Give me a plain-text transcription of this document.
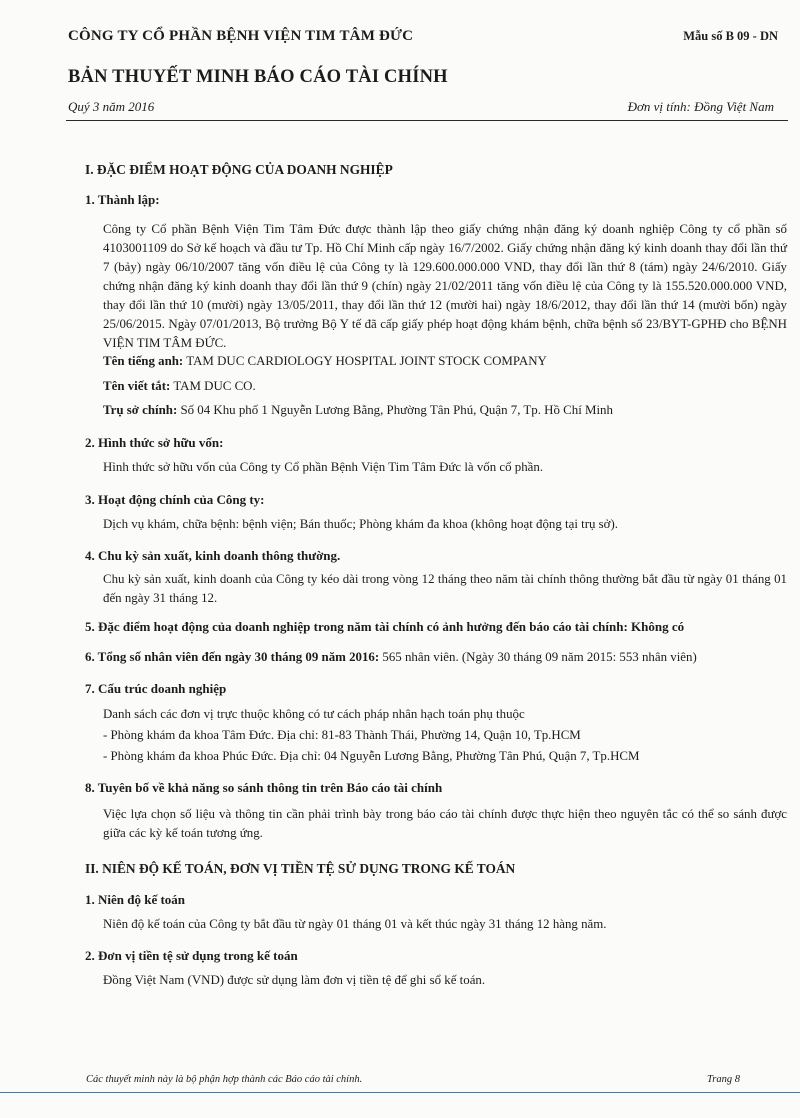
CÔNG TY CỔ PHẦN BỆNH VIỆN TIM TÂM ĐỨC	Mẫu số B 09 - DN
BẢN THUYẾT MINH BÁO CÁO TÀI CHÍNH
Quý 3 năm 2016	Đơn vị tính: Đồng Việt Nam
I. ĐẶC ĐIỂM HOẠT ĐỘNG CỦA DOANH NGHIỆP
1. Thành lập:
Công ty Cổ phần Bệnh Viện Tim Tâm Đức được thành lập theo giấy chứng nhận đăng ký doanh nghiệp Công ty cổ phần số 4103001109 do Sở kế hoạch và đầu tư Tp. Hồ Chí Minh cấp ngày 16/7/2002. Giấy chứng nhận đăng ký kinh doanh thay đổi lần thứ 7 (bảy) ngày 06/10/2007 tăng vốn điều lệ của Công ty là 129.600.000.000 VND, thay đổi lần thứ 8 (tám) ngày 24/6/2010. Giấy chứng nhận đăng ký kinh doanh thay đổi lần thứ 9 (chín) ngày 21/02/2011 tăng vốn điều lệ của Công ty là 155.520.000.000 VND, thay đổi lần thứ 10 (mười) ngày 13/05/2011, thay đổi lần thứ 12 (mười hai) ngày 18/6/2012, thay đổi lần thứ 14 (mười bốn) ngày 25/06/2015. Ngày 07/01/2013, Bộ trưởng Bộ Y tế đã cấp giấy phép hoạt động khám bệnh, chữa bệnh số 23/BYT-GPHĐ cho BỆNH VIỆN TIM TÂM ĐỨC.
Tên tiếng anh: TAM DUC CARDIOLOGY HOSPITAL JOINT STOCK COMPANY
Tên viết tắt: TAM DUC CO.
Trụ sở chính: Số 04 Khu phố 1 Nguyễn Lương Bằng, Phường Tân Phú, Quận 7, Tp. Hồ Chí Minh
2. Hình thức sở hữu vốn:
Hình thức sở hữu vốn của Công ty Cổ phần Bệnh Viện Tim Tâm Đức là vốn cổ phần.
3. Hoạt động chính của Công ty:
Dịch vụ khám, chữa bệnh: bệnh viện; Bán thuốc; Phòng khám đa khoa (không hoạt động tại trụ sở).
4. Chu kỳ sản xuất, kinh doanh thông thường.
Chu kỳ sản xuất, kinh doanh của Công ty kéo dài trong vòng 12 tháng theo năm tài chính thông thường bắt đầu từ ngày 01 tháng 01 đến ngày 31 tháng 12.
5. Đặc điểm hoạt động của doanh nghiệp trong năm tài chính có ảnh hưởng đến báo cáo tài chính: Không có
6. Tổng số nhân viên đến ngày 30 tháng 09 năm 2016: 565 nhân viên. (Ngày 30 tháng 09 năm 2015: 553 nhân viên)
7. Cấu trúc doanh nghiệp
Danh sách các đơn vị trực thuộc không có tư cách pháp nhân hạch toán phụ thuộc
- Phòng khám đa khoa Tâm Đức. Địa chỉ: 81-83 Thành Thái, Phường 14, Quận 10, Tp.HCM
- Phòng khám đa khoa Phúc Đức. Địa chỉ: 04 Nguyễn Lương Bằng, Phường Tân Phú, Quận 7, Tp.HCM
8. Tuyên bố về khả năng so sánh thông tin trên Báo cáo tài chính
Việc lựa chọn số liệu và thông tin cần phải trình bày trong báo cáo tài chính được thực hiện theo nguyên tắc có thể so sánh được giữa các kỳ kế toán tương ứng.
II. NIÊN ĐỘ KẾ TOÁN, ĐƠN VỊ TIỀN TỆ SỬ DỤNG TRONG KẾ TOÁN
1. Niên độ kế toán
Niên độ kế toán của Công ty bắt đầu từ ngày 01 tháng 01 và kết thúc ngày 31 tháng 12 hàng năm.
2. Đơn vị tiền tệ sử dụng trong kế toán
Đồng Việt Nam (VND) được sử dụng làm đơn vị tiền tệ để ghi sổ kế toán.
Các thuyết minh này là bộ phận hợp thành các Báo cáo tài chính.	Trang 8
